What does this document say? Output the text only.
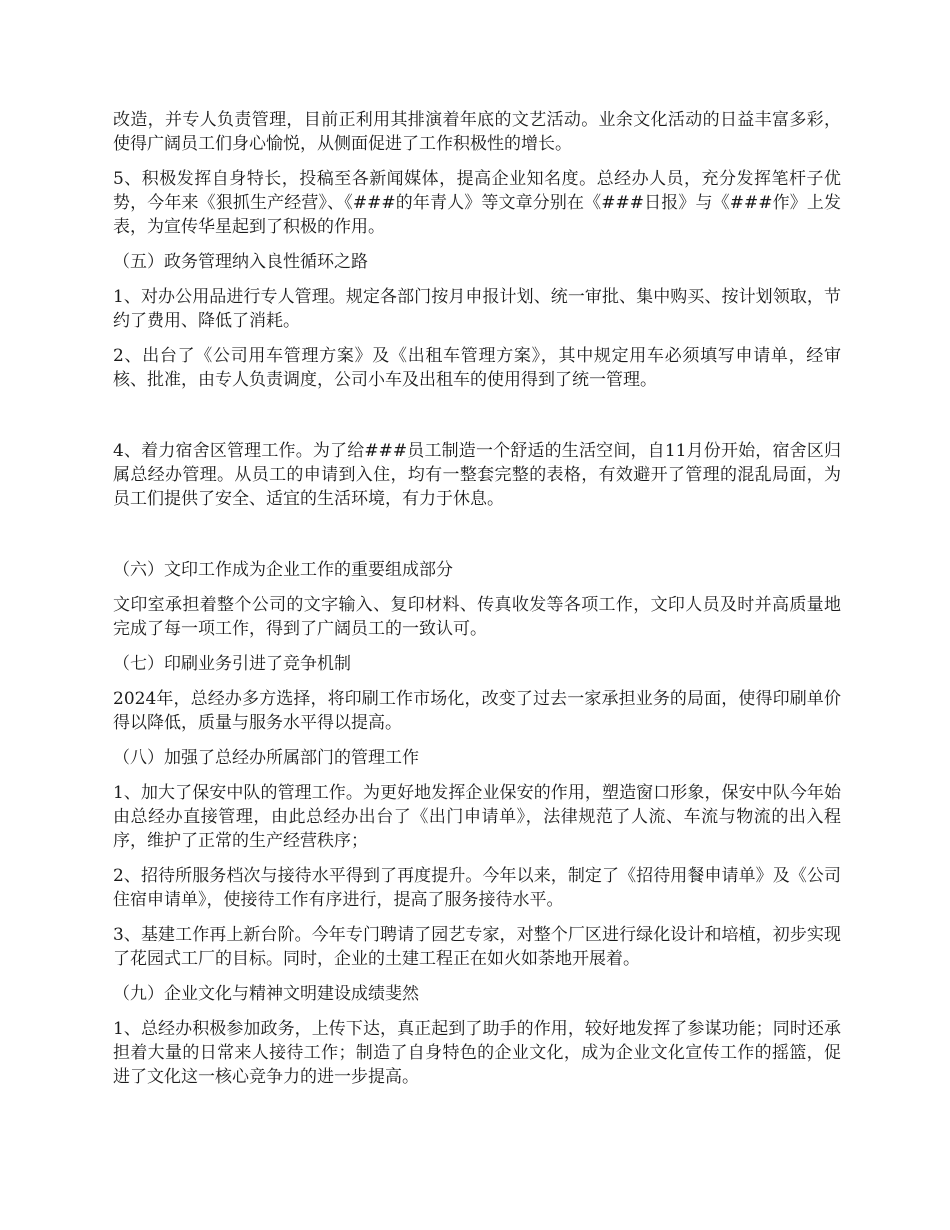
改造，并专人负责管理，目前正利用其排演着年底的文艺活动。业余文化活动的日益丰富多彩，使得广阔员工们身心愉悦，从侧面促进了工作积极性的增长。

5、积极发挥自身特长，投稿至各新闻媒体，提高企业知名度。总经办人员，充分发挥笔杆子优势，今年来《狠抓生产经营》、《###的年青人》等文章分别在《###日报》与《###作》上发表，为宣传华星起到了积极的作用。

（五）政务管理纳入良性循环之路

1、对办公用品进行专人管理。规定各部门按月申报计划、统一审批、集中购买、按计划领取，节约了费用、降低了消耗。

2、出台了《公司用车管理方案》及《出租车管理方案》，其中规定用车必须填写申请单，经审核、批准，由专人负责调度，公司小车及出租车的使用得到了统一管理。

4、着力宿舍区管理工作。为了给###员工制造一个舒适的生活空间，自11月份开始，宿舍区归属总经办管理。从员工的申请到入住，均有一整套完整的表格，有效避开了管理的混乱局面，为员工们提供了安全、适宜的生活环境，有力于休息。

（六）文印工作成为企业工作的重要组成部分

文印室承担着整个公司的文字输入、复印材料、传真收发等各项工作，文印人员及时并高质量地完成了每一项工作，得到了广阔员工的一致认可。

（七）印刷业务引进了竞争机制

2024年，总经办多方选择，将印刷工作市场化，改变了过去一家承担业务的局面，使得印刷单价得以降低，质量与服务水平得以提高。

（八）加强了总经办所属部门的管理工作

1、加大了保安中队的管理工作。为更好地发挥企业保安的作用，塑造窗口形象，保安中队今年始由总经办直接管理，由此总经办出台了《出门申请单》，法律规范了人流、车流与物流的出入程序，维护了正常的生产经营秩序；

2、招待所服务档次与接待水平得到了再度提升。今年以来，制定了《招待用餐申请单》及《公司住宿申请单》，使接待工作有序进行，提高了服务接待水平。

3、基建工作再上新台阶。今年专门聘请了园艺专家，对整个厂区进行绿化设计和培植，初步实现了花园式工厂的目标。同时，企业的土建工程正在如火如荼地开展着。

（九）企业文化与精神文明建设成绩斐然

1、总经办积极参加政务，上传下达，真正起到了助手的作用，较好地发挥了参谋功能；同时还承担着大量的日常来人接待工作；制造了自身特色的企业文化，成为企业文化宣传工作的摇篮，促进了文化这一核心竞争力的进一步提高。
